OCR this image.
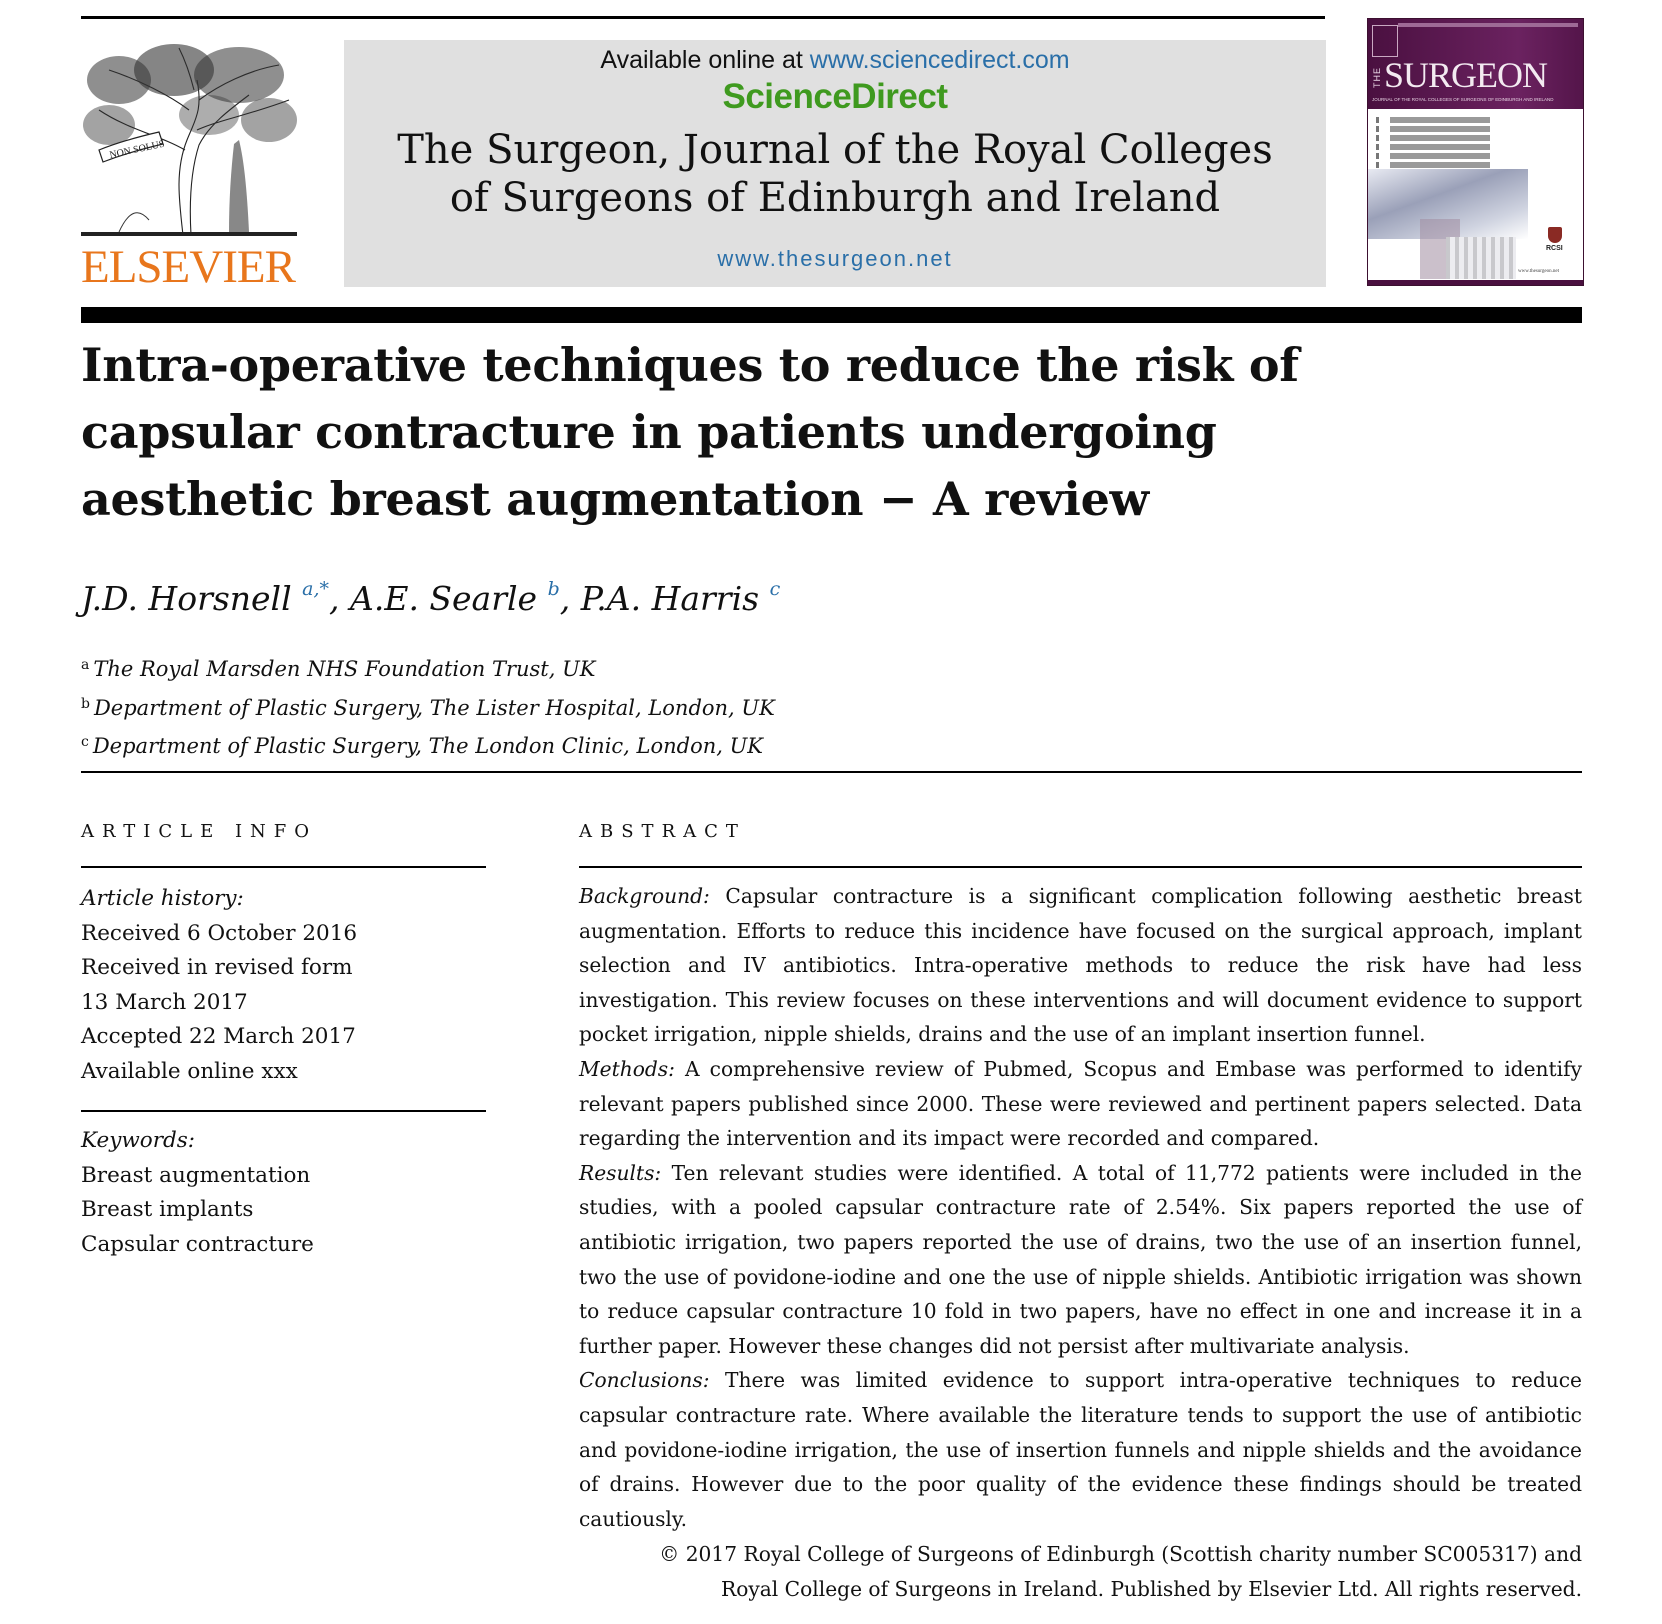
NON SOLUS
ELSEVIER
Available online at www.sciencedirect.com
ScienceDirect
The Surgeon, Journal of the Royal Colleges
of Surgeons of Edinburgh and Ireland
www.thesurgeon.net
THE SURGEON
JOURNAL OF THE ROYAL COLLEGES OF SURGEONS OF EDINBURGH AND IRELAND
RCSI
www.thesurgeon.net
Intra-operative techniques to reduce the risk of
capsular contracture in patients undergoing
aesthetic breast augmentation − A review
J.D. Horsnell $^{a,*}$, A.E. Searle $^b$, P.A. Harris $^c$
$^a$ The Royal Marsden NHS Foundation Trust, UK
$^b$ Department of Plastic Surgery, The Lister Hospital, London, UK
$^c$ Department of Plastic Surgery, The London Clinic, London, UK
ARTICLE INFO
Article history:
Received 6 October 2016
Received in revised form
13 March 2017
Accepted 22 March 2017
Available online xxx
Keywords:
Breast augmentation
Breast implants
Capsular contracture
ABSTRACT

Background: Capsular contracture is a significant complication following aesthetic breast augmentation. Efforts to reduce this incidence have focused on the surgical approach, implant selection and IV antibiotics. Intra-operative methods to reduce the risk have had less investigation. This review focuses on these interventions and will document evidence to support pocket irrigation, nipple shields, drains and the use of an implant insertion funnel.

Methods: A comprehensive review of Pubmed, Scopus and Embase was performed to identify relevant papers published since 2000. These were reviewed and pertinent papers selected. Data regarding the intervention and its impact were recorded and compared.

Results: Ten relevant studies were identified. A total of 11,772 patients were included in the studies, with a pooled capsular contracture rate of 2.54%. Six papers reported the use of antibiotic irrigation, two papers reported the use of drains, two the use of an insertion funnel, two the use of povidone-iodine and one the use of nipple shields. Antibiotic irrigation was shown to reduce capsular contracture 10 fold in two papers, have no effect in one and increase it in a further paper. However these changes did not persist after multivariate analysis.

Conclusions: There was limited evidence to support intra-operative techniques to reduce capsular contracture rate. Where available the literature tends to support the use of antibiotic and povidone-iodine irrigation, the use of insertion funnels and nipple shields and the avoidance of drains. However due to the poor quality of the evidence these findings should be treated cautiously.

© 2017 Royal College of Surgeons of Edinburgh (Scottish charity number SC005317) and
Royal College of Surgeons in Ireland. Published by Elsevier Ltd. All rights reserved.
